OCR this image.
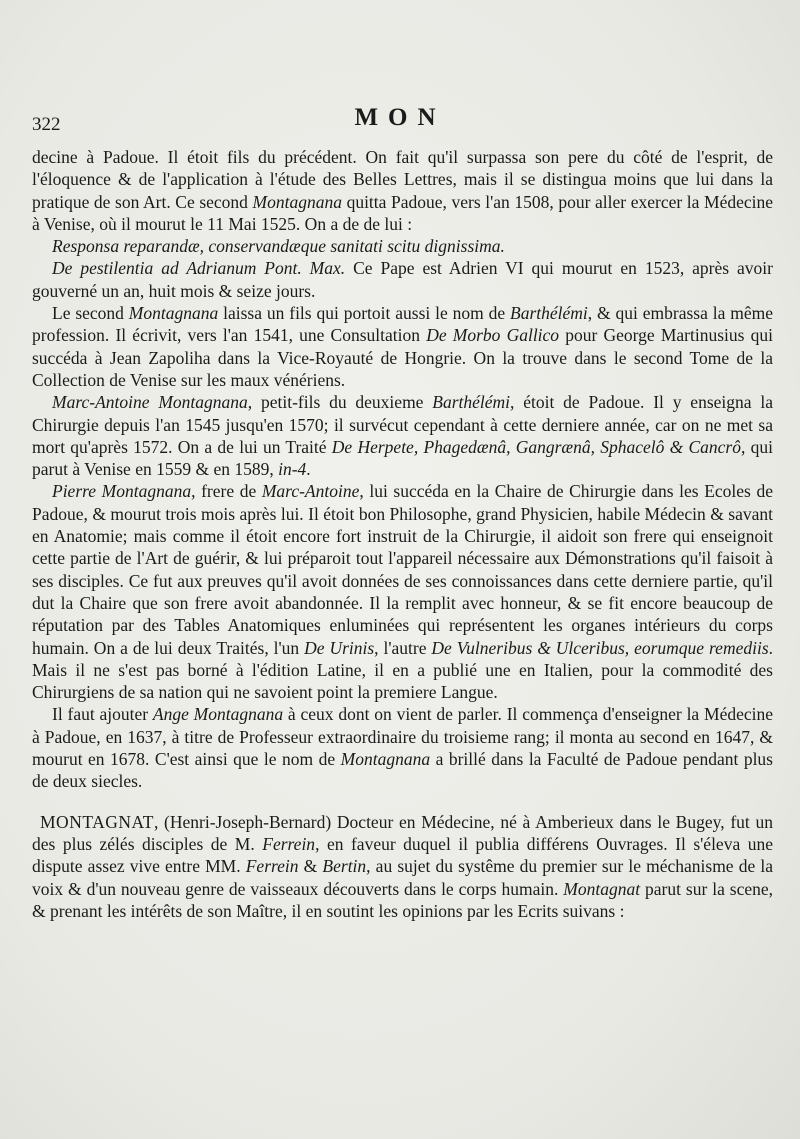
322	MON

decine à Padoue. Il étoit fils du précédent. On fait qu'il surpassa son pere du côté de l'esprit, de l'éloquence & de l'application à l'étude des Belles Lettres, mais il se distingua moins que lui dans la pratique de son Art. Ce second Montagnana quitta Padoue, vers l'an 1508, pour aller exercer la Médecine à Venise, où il mourut le 11 Mai 1525. On a de de lui :

Responsa reparandæ, conservandæque sanitati scitu dignissima.

De pestilentia ad Adrianum Pont. Max. Ce Pape est Adrien VI qui mourut en 1523, après avoir gouverné un an, huit mois & seize jours.

Le second Montagnana laissa un fils qui portoit aussi le nom de Barthélémi, & qui embrassa la même profession. Il écrivit, vers l'an 1541, une Consultation De Morbo Gallico pour George Martinusius qui succéda à Jean Zapoliha dans la Vice-Royauté de Hongrie. On la trouve dans le second Tome de la Collection de Venise sur les maux vénériens.

Marc-Antoine Montagnana, petit-fils du deuxieme Barthélémi, étoit de Padoue. Il y enseigna la Chirurgie depuis l'an 1545 jusqu'en 1570; il survécut cependant à cette derniere année, car on ne met sa mort qu'après 1572. On a de lui un Traité De Herpete, Phagedænâ, Gangrænâ, Sphacelô & Cancrô, qui parut à Venise en 1559 & en 1589, in-4.

Pierre Montagnana, frere de Marc-Antoine, lui succéda en la Chaire de Chirurgie dans les Ecoles de Padoue, & mourut trois mois après lui. Il étoit bon Philosophe, grand Physicien, habile Médecin & savant en Anatomie; mais comme il étoit encore fort instruit de la Chirurgie, il aidoit son frere qui enseignoit cette partie de l'Art de guérir, & lui préparoit tout l'appareil nécessaire aux Démonstrations qu'il faisoit à ses disciples. Ce fut aux preuves qu'il avoit données de ses connoissances dans cette derniere partie, qu'il dut la Chaire que son frere avoit abandonnée. Il la remplit avec honneur, & se fit encore beaucoup de réputation par des Tables Anatomiques enluminées qui représentent les organes intérieurs du corps humain. On a de lui deux Traités, l'un De Urinis, l'autre De Vulneribus & Ulceribus, eorumque remediis. Mais il ne s'est pas borné à l'édition Latine, il en a publié une en Italien, pour la commodité des Chirurgiens de sa nation qui ne savoient point la premiere Langue.

Il faut ajouter Ange Montagnana à ceux dont on vient de parler. Il commença d'enseigner la Médecine à Padoue, en 1637, à titre de Professeur extraordinaire du troisieme rang; il monta au second en 1647, & mourut en 1678. C'est ainsi que le nom de Montagnana a brillé dans la Faculté de Padoue pendant plus de deux siecles.

MONTAGNAT, (Henri-Joseph-Bernard) Docteur en Médecine, né à Amberieux dans le Bugey, fut un des plus zélés disciples de M. Ferrein, en faveur duquel il publia différens Ouvrages. Il s'éleva une dispute assez vive entre MM. Ferrein & Bertin, au sujet du systême du premier sur le méchanisme de la voix & d'un nouveau genre de vaisseaux découverts dans le corps humain. Montagnat parut sur la scene, & prenant les intérêts de son Maître, il en soutint les opinions par les Ecrits suivans :
